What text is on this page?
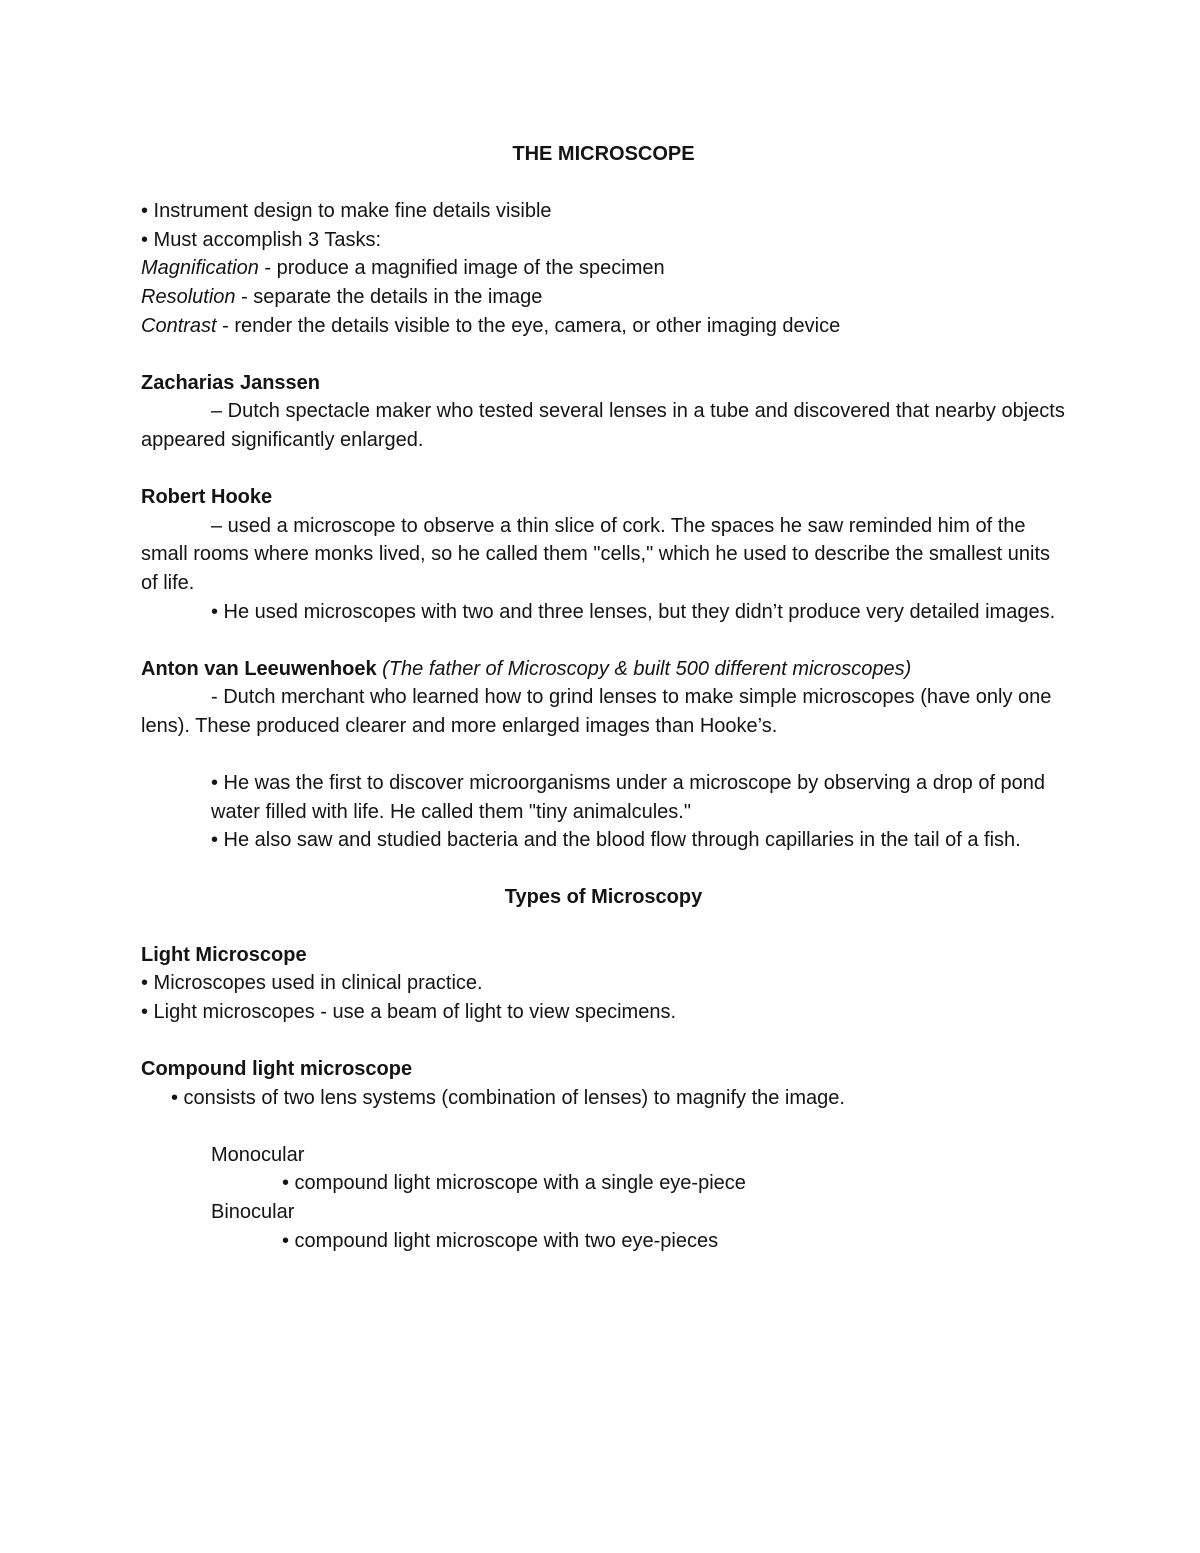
THE MICROSCOPE

• Instrument design to make fine details visible

• Must accomplish 3 Tasks:

Magnification - produce a magnified image of the specimen

Resolution - separate the details in the image

Contrast - render the details visible to the eye, camera, or other imaging device

Zacharias Janssen

– Dutch spectacle maker who tested several lenses in a tube and discovered that nearby objects appeared significantly enlarged.

Robert Hooke

– used a microscope to observe a thin slice of cork. The spaces he saw reminded him of the small rooms where monks lived, so he called them "cells," which he used to describe the smallest units of life.

• He used microscopes with two and three lenses, but they didn’t produce very detailed images.

Anton van Leeuwenhoek (The father of Microscopy & built 500 different microscopes)

- Dutch merchant who learned how to grind lenses to make simple microscopes (have only one lens). These produced clearer and more enlarged images than Hooke’s.

• He was the first to discover microorganisms under a microscope by observing a drop of pond water filled with life. He called them "tiny animalcules."

• He also saw and studied bacteria and the blood flow through capillaries in the tail of a fish.

Types of Microscopy

Light Microscope

• Microscopes used in clinical practice.

• Light microscopes - use a beam of light to view specimens.

Compound light microscope

• consists of two lens systems (combination of lenses) to magnify the image.

Monocular

• compound light microscope with a single eye-piece

Binocular

• compound light microscope with two eye-pieces
